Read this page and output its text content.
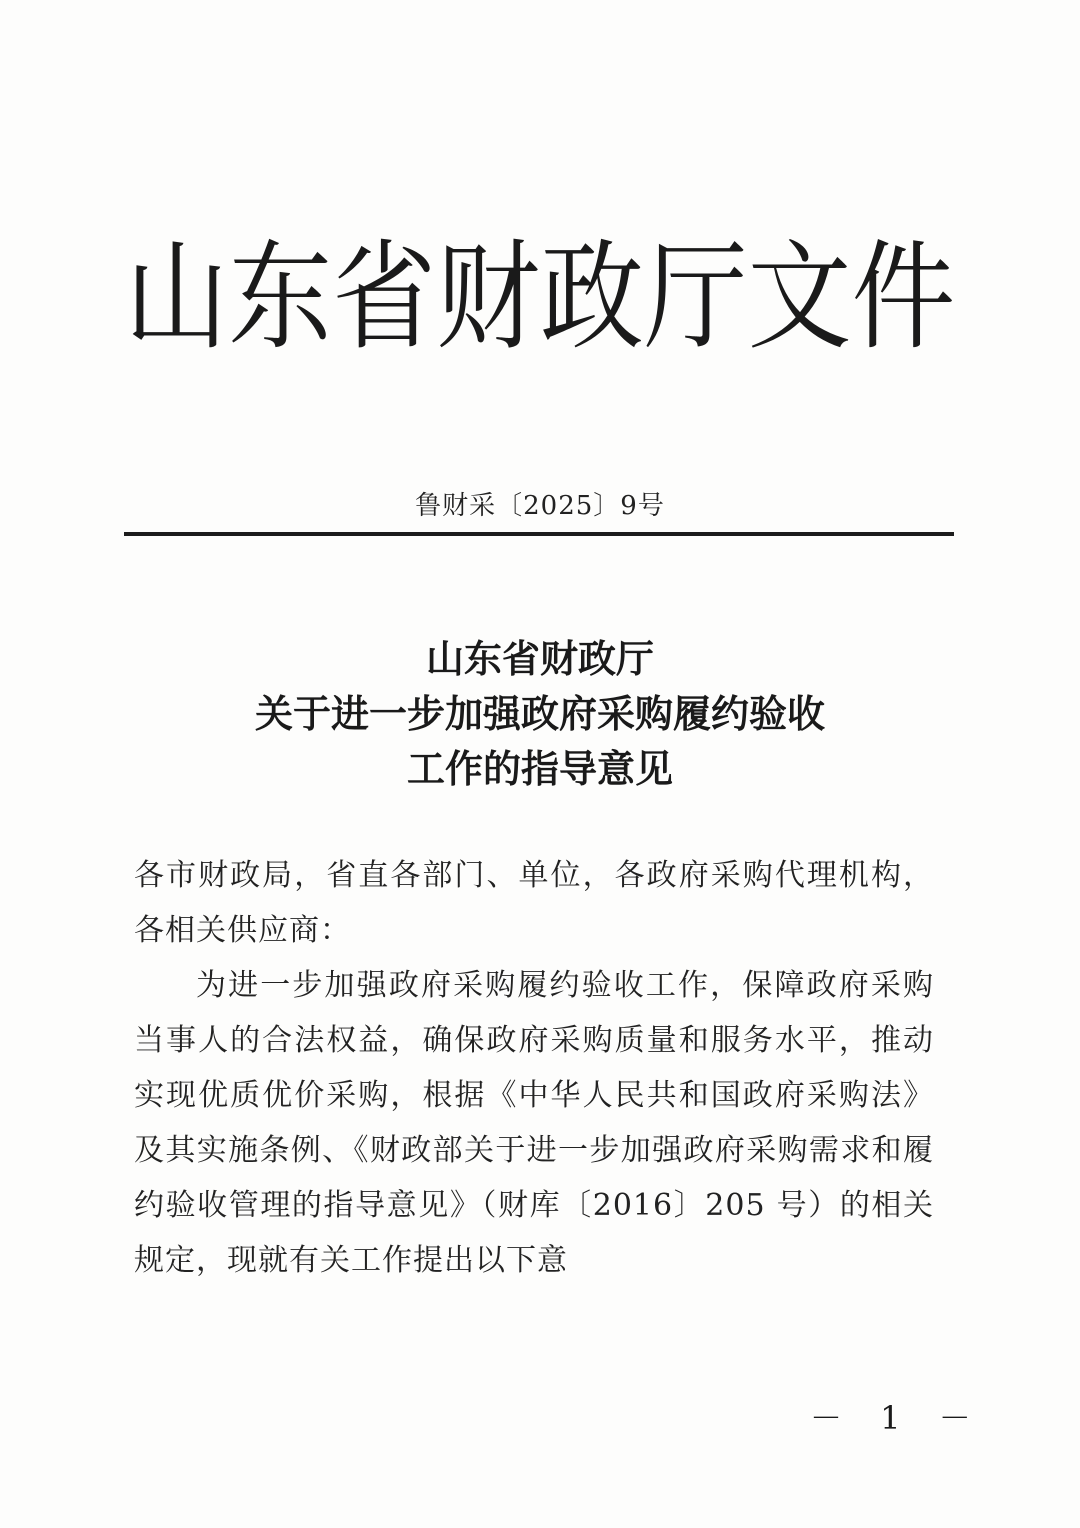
山东省财政厅文件
鲁财采〔2025〕9号
山东省财政厅
关于进一步加强政府采购履约验收
工作的指导意见

各市财政局，省直各部门、单位，各政府采购代理机构，各相关供应商：

为进一步加强政府采购履约验收工作，保障政府采购当事人的合法权益，确保政府采购质量和服务水平，推动实现优质优价采购，根据《中华人民共和国政府采购法》及其实施条例、《财政部关于进一步加强政府采购需求和履约验收管理的指导意见》（财库〔2016〕205 号）的相关规定，现就有关工作提出以下意

－ 1 －
